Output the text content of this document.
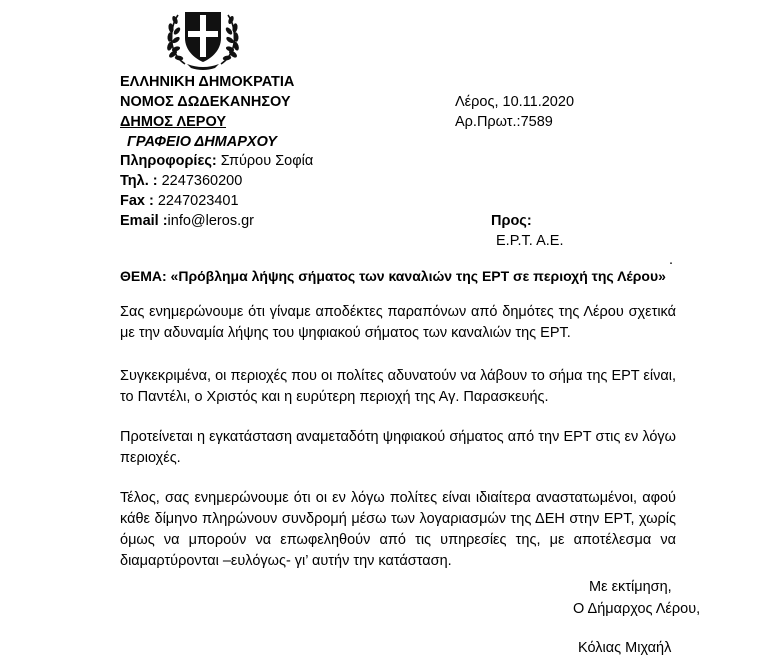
ΕΛΛΗΝΙΚΗ ΔΗΜΟΚΡΑΤΙΑ
ΝΟΜΟΣ ΔΩΔΕΚΑΝΗΣΟΥ
ΔΗΜΟΣ ΛΕΡΟΥ
ΓΡΑΦΕΙΟ ΔΗΜΑΡΧΟΥ
Πληροφορίες: Σπύρου Σοφία
Τηλ. : 2247360200
Fax : 2247023401
Email :info@leros.gr
Λέρος, 10.11.2020
Αρ.Πρωτ.:7589
Προς:
Ε.Ρ.Τ. Α.Ε.
.
ΘΕΜΑ: «Πρόβλημα λήψης σήματος των καναλιών της ΕΡΤ σε περιοχή της Λέρου»
Σας ενημερώνουμε ότι γίναμε αποδέκτες παραπόνων από δημότες της Λέρου σχετικά με την αδυναμία λήψης του ψηφιακού σήματος των καναλιών της ΕΡΤ.
Συγκεκριμένα, οι περιοχές που οι πολίτες αδυνατούν να λάβουν το σήμα της ΕΡΤ είναι, το Παντέλι, ο Χριστός και η ευρύτερη περιοχή της Αγ. Παρασκευής.
Προτείνεται η εγκατάσταση αναμεταδότη ψηφιακού σήματος από την ΕΡΤ στις εν λόγω περιοχές.
Τέλος, σας ενημερώνουμε ότι οι εν λόγω πολίτες είναι ιδιαίτερα αναστατωμένοι, αφού κάθε δίμηνο πληρώνουν συνδρομή μέσω των λογαριασμών της ΔΕΗ στην ΕΡΤ, χωρίς όμως να μπορούν να επωφεληθούν από τις υπηρεσίες της, με αποτέλεσμα να διαμαρτύρονται –ευλόγως- γι’ αυτήν την κατάσταση.
Με εκτίμηση,
Ο Δήμαρχος Λέρου,
Κόλιας Μιχαήλ
